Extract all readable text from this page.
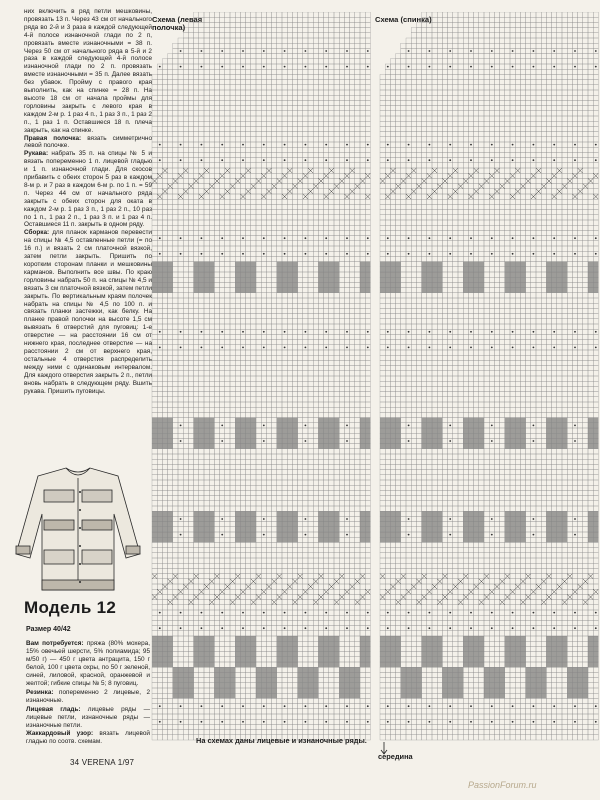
них включить в ряд петли мешковины, провязать 13 п. Через 43 см от начального ряда во 2-й и 3 раза в каждой следующей 4-й полосе изнаночной глади по 2 п, провязать вместе изнаночными = 38 п. Через 50 см от начального ряда в 5-й и 2 раза в каждой следующей 4-й полосе изнаночной глади по 2 п. провязать вместе изнаночными = 35 п. Далее вязать без убавок. Пройму с правого края выполнить, как на спинке = 28 п. На высоте 18 см от начала проймы для горловины закрыть с левого края в каждом 2-м р. 1 раз 4 п., 1 раз 3 п., 1 раз 2 п., 1 раз 1 п. Оставшиеся 18 п. плеча закрыть, как на спинке.

Правая полочка: вязать симметрично левой полочке.

Рукава: набрать 35 п. на спицы № 5 и вязать попеременно 1 п. лицевой гладью и 1 п. изнаночной глади. Для скосов прибавить с обеих сторон 5 раз в каждом 8-м р. и 7 раз в каждом 6-м р. по 1 п. = 59 п. Через 44 см от начального ряда закрыть с обеих сторон для оката в каждом 2-м р. 1 раз 3 п., 1 раз 2 п., 10 раз по 1 п., 1 раз 2 п., 1 раз 3 п. и 1 раз 4 п. Оставшиеся 11 п. закрыть в одном ряду.

Сборка: для планок карманов перевести на спицы № 4,5 оставленные петли (= по 16 п.) и вязать 2 см платочной вязкой, затем петли закрыть. Пришить по коротким сторонам планки и мешковины карманов. Выполнить все швы. По краю горловины набрать 50 п. на спицы № 4,5 и вязать 3 см платочной вязкой, затем петли закрыть. По вертикальным краям полочек набрать на спицы № 4,5 по 100 п. и связать планки застежки, как белку. На планке правой полочки на высоте 1,5 см вывязать 6 отверстий для пуговиц: 1-е отверстие — на расстоянии 16 см от нижнего края, последнее отверстие — на расстоянии 2 см от верхнего края, остальные 4 отверстия распределить между ними с одинаковым интервалом. Для каждого отверстия закрыть 2 п., петли вновь набрать в следующем ряду. Вшить рукава. Пришить пуговицы.

Модель 12
Размер 40/42

Вам потребуется: пряжа (80% мохера, 15% овечьей шерсти, 5% полиамида; 95 м/50 г) — 450 г цвета антрацита, 150 г белой, 100 г цвета охры, по 50 г зеленой, синей, лиловой, красной, оранжевой и желтой; гибкие спицы № 5; 8 пуговиц.

Резинка: попеременно 2 лицевые, 2 изнаночные.

Лицевая гладь: лицевые ряды — лицевые петли, изнаночные ряды — изнаночные петли.

Жаккардовый узор: вязать лицевой гладью по соотв. схемам.

34 VERENA 1/97
Схема (левая полочка)
Схема (спинка)
На схемах даны лицевые и изнаночные ряды.
середина
PassionForum.ru
